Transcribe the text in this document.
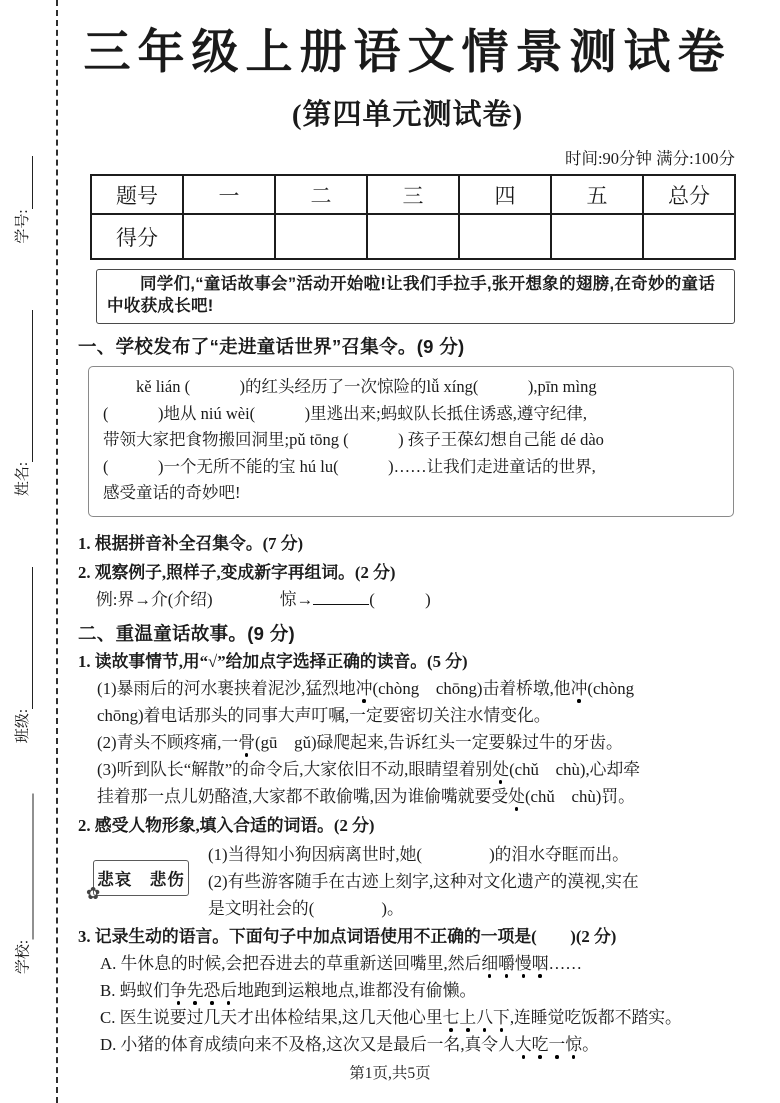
学号:
姓名:
班级:
学校:
三年级上册语文情景测试卷
(第四单元测试卷)
时间:90分钟 满分:100分
题号	一	二	三	四	五	总分
得分						
同学们,“童话故事会”活动开始啦!让我们手拉手,张开想象的翅膀,在奇妙的童话中收获成长吧!
一、学校发布了“走进童话世界”召集令。(9 分)
kě lián (　　　)的红头经历了一次惊险的lǚ xíng(　　　),pīn mìng
(　　　)地从 niú wèi(　　　)里逃出来;蚂蚁队长抵住诱惑,遵守纪律,
带领大家把食物搬回洞里;pǔ tōng (　　　) 孩子王葆幻想自己能 dé dào
(　　　)一个无所不能的宝 hú lu(　　　)……让我们走进童话的世界,
感受童话的奇妙吧!
1. 根据拼音补全召集令。(7 分)
2. 观察例子,照样子,变成新字再组词。(2 分)
例:界→介(介绍)　　　　	惊→	(　　　)
二、重温童话故事。(9 分)
1. 读故事情节,用“√”给加点字选择正确的读音。(5 分)
(1)暴雨后的河水裹挟着泥沙,猛烈地冲(chòng　chōng)击着桥墩,他冲(chòng
chōng)着电话那头的同事大声叮嘱,一定要密切关注水情变化。
(2)青头不顾疼痛,一骨(gū　gǔ)碌爬起来,告诉红头一定要躲过牛的牙齿。
(3)听到队长“解散”的命令后,大家依旧不动,眼睛望着别处(chǔ　chù),心却牵
挂着那一点儿奶酪渣,大家都不敢偷嘴,因为谁偷嘴就要受处(chǔ　chù)罚。
2. 感受人物形象,填入合适的词语。(2 分)
✿
悲哀　悲伤
(1)当得知小狗因病离世时,她(　　　　)的泪水夺眶而出。
(2)有些游客随手在古迹上刻字,这种对文化遗产的漠视,实在
是文明社会的(　　　　)。
3. 记录生动的语言。下面句子中加点词语使用不正确的一项是(　　)(2 分)
A. 牛休息的时候,会把吞进去的草重新送回嘴里,然后细嚼慢咽……
B. 蚂蚁们争先恐后地跑到运粮地点,谁都没有偷懒。
C. 医生说要过几天才出体检结果,这几天他心里七上八下,连睡觉吃饭都不踏实。
D. 小猪的体育成绩向来不及格,这次又是最后一名,真令人大吃一惊。
第1页,共5页
